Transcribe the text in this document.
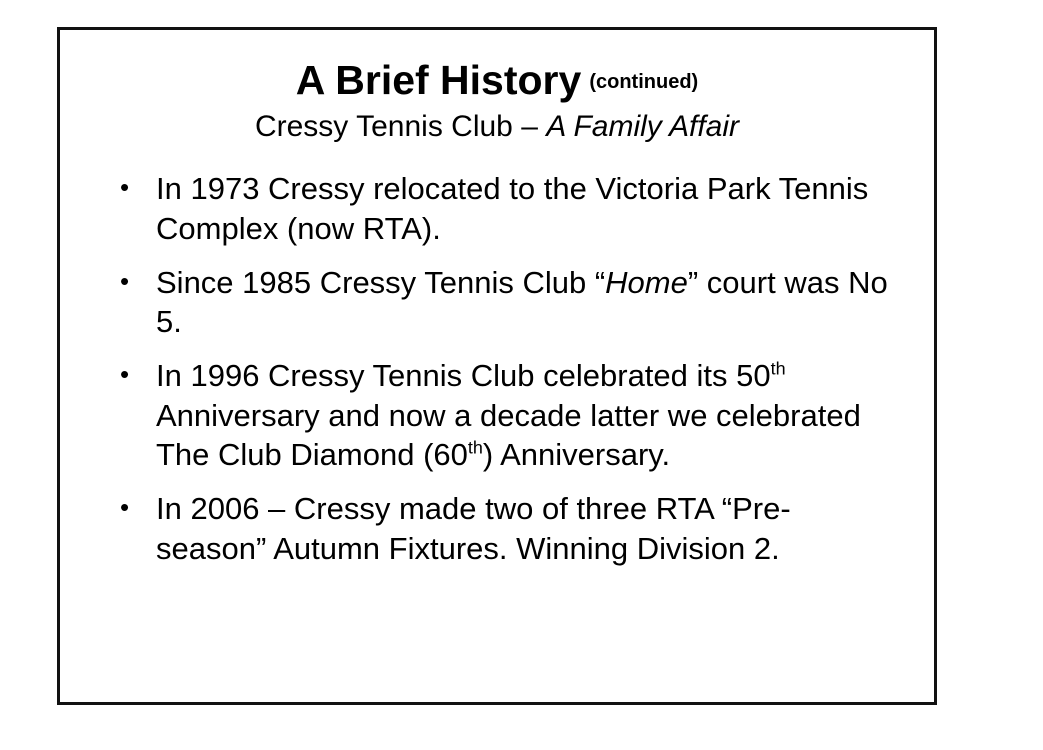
A Brief History (continued)
Cressy Tennis Club – A Family Affair
• In 1973 Cressy relocated to the Victoria Park Tennis Complex (now RTA).
• Since 1985 Cressy Tennis Club “Home” court was No 5.
• In 1996 Cressy Tennis Club celebrated its 50th Anniversary and now a decade latter we celebrated The Club Diamond (60th) Anniversary.
• In 2006 – Cressy made two of three RTA “Pre-season” Autumn Fixtures. Winning Division 2.
